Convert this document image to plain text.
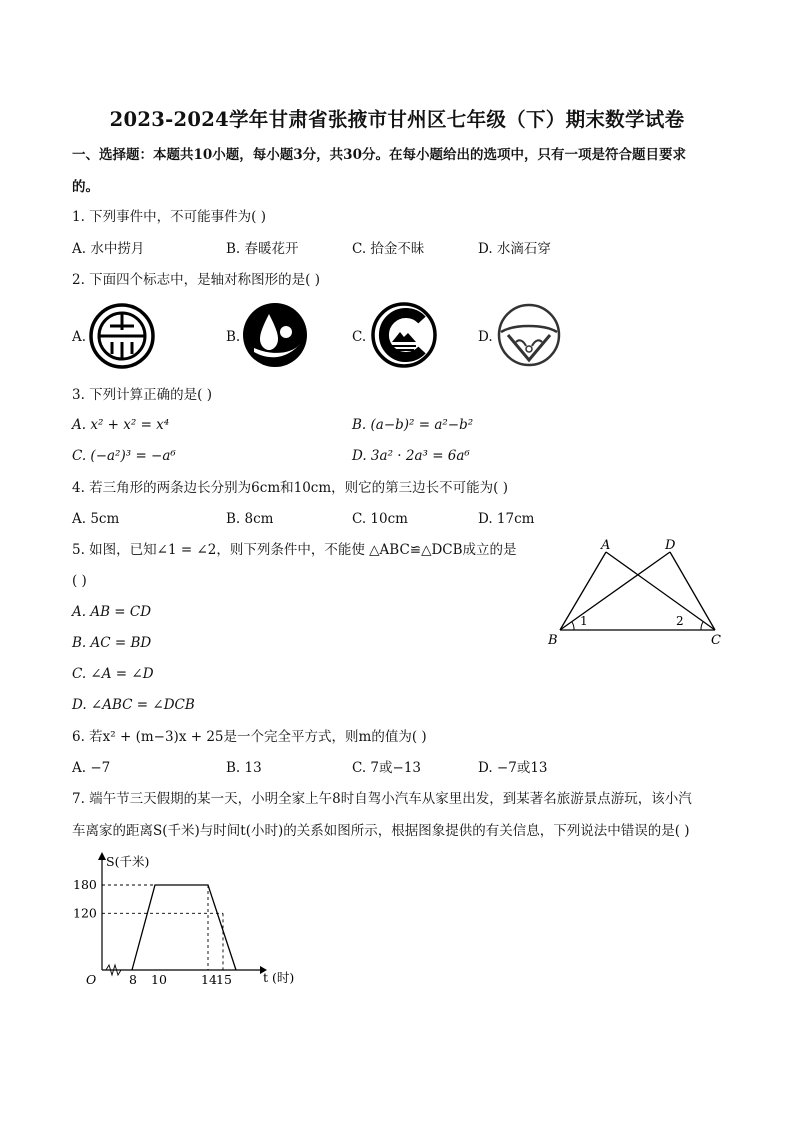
2023-2024学年甘肃省张掖市甘州区七年级（下）期末数学试卷
一、选择题：本题共10小题，每小题3分，共30分。在每小题给出的选项中，只有一项是符合题目要求
的。
1. 下列事件中，不可能事件为( )
A. 水中捞月	B. 春暖花开	C. 拾金不昧	D. 水滴石穿
2. 下面四个标志中，是轴对称图形的是( )
A.	B.	C.	D.
3. 下列计算正确的是( )
A. x² + x² = x⁴	B. (a−b)² = a²−b²
C. (−a²)³ = −a⁶	D. 3a² · 2a³ = 6a⁶
4. 若三角形的两条边长分别为6cm和10cm，则它的第三边长不可能为( )
A. 5cm	B. 8cm	C. 10cm	D. 17cm
5. 如图，已知∠1 = ∠2，则下列条件中，不能使 △ABC≌△DCB成立的是
( )
A. AB = CD
B. AC = BD
C. ∠A = ∠D
D. ∠ABC = ∠DCB
A	D
B	C
1	2
6. 若x² + (m−3)x + 25是一个完全平方式，则m的值为( )
A. −7	B. 13	C. 7或−13	D. −7或13
7. 端午节三天假期的某一天，小明全家上午8时自驾小汽车从家里出发，到某著名旅游景点游玩，该小汽
车离家的距离S(千米)与时间t(小时)的关系如图所示，根据图象提供的有关信息，下列说法中错误的是( )
S(千米)
t (时)
O	8 10	14 15
180
120
